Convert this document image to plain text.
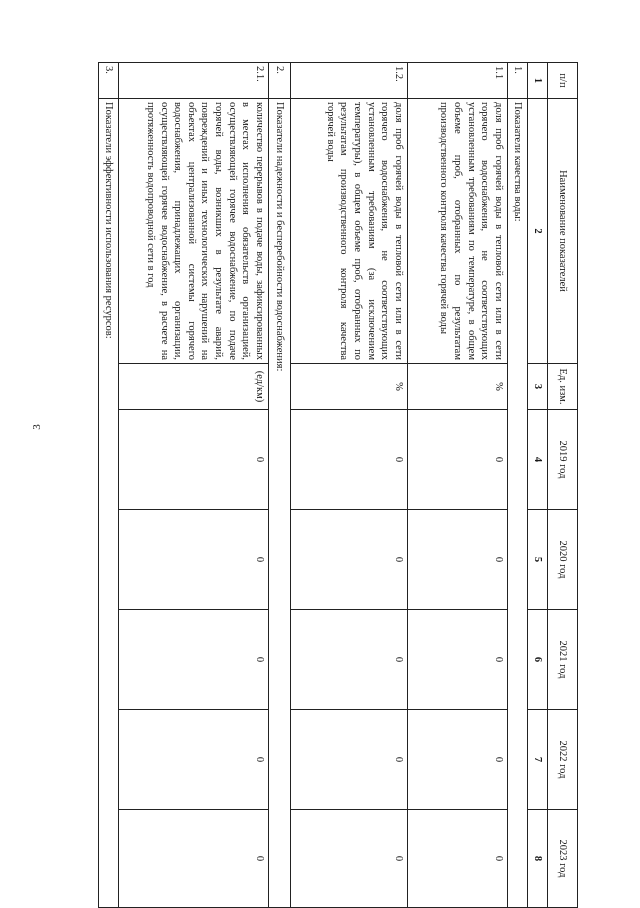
3
п/п	Наименование показателей	Ед. изм.	2019 год	2020 год	2021 год	2022 год	2023 год
1	2	3	4	5	6	7	8
1.	Показатели качества воды:						
1.1	доля проб горячей воды в тепловой сети или в сети горячего водоснабжения, не соответствующих установленным требованиям по температуре, в общем объеме проб, отобранных по результатам производственного контроля качества горячей воды	%	0	0	0	0	0
1.2.	доля проб горячей воды в тепловой сети или в сети горячего водоснабжения, не соответствующих установленным требованиям (за исключением температуры), в общем объеме проб, отобранных по результатам производственного контроля качества горячей воды	%	0	0	0	0	0
2.	Показатели надежности и бесперебойности водоснабжения:						
2.1.	количество перерывов в подаче воды, зафиксированных в местах исполнения обязательств организацией, осуществляющей горячее водоснабжение, по подаче горячей воды, возникших в результате аварий, повреждений и иных технологических нарушений на объектах централизованной системы горячего водоснабжения, принадлежащих организации, осуществляющей горячее водоснабжение, в расчете на протяженность водопроводной сети в год	(ед/км)	0	0	0	0	0
3.	Показатели эффективности использования ресурсов:						
